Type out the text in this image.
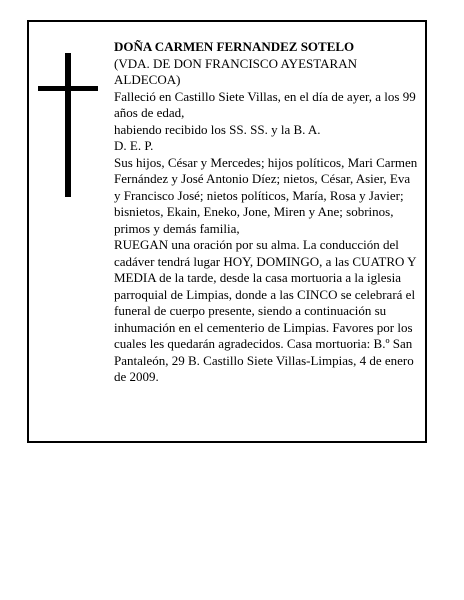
DOÑA CARMEN FERNANDEZ SOTELO

(VDA. DE DON FRANCISCO AYESTARAN ALDECOA)

Falleció en Castillo Siete Villas, en el día de ayer, a los 99 años de edad,

habiendo recibido los SS. SS. y la B. A.

D. E. P.

Sus hijos, César y Mercedes; hijos políticos, Mari Carmen Fernández y José Antonio Díez; nietos, César, Asier, Eva y Francisco José; nietos políticos, María, Rosa y Javier; bisnietos, Ekain, Eneko, Jone, Miren y Ane; sobrinos, primos y demás familia,

RUEGAN una oración por su alma. La conducción del cadáver tendrá lugar HOY, DOMINGO, a las CUATRO Y MEDIA de la tarde, desde la casa mortuoria a la iglesia parroquial de Limpias, donde a las CINCO se celebrará el funeral de cuerpo presente, siendo a continuación su inhumación en el cementerio de Limpias. Favores por los cuales les quedarán agradecidos. Casa mortuoria: B.º San Pantaleón, 29 B. Castillo Siete Villas-Limpias, 4 de enero de 2009.
